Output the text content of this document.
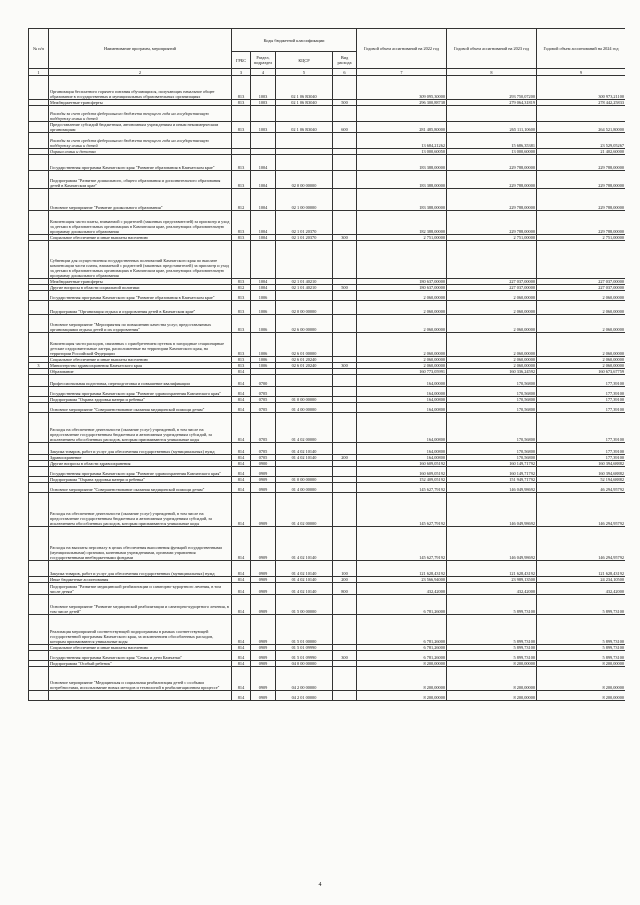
№ п/п	Наименование программ, мероприятий	Коды бюджетной классификации				Годовой объем ассигнований на 2022 год	Годовой объем ассигнований на 2023 год	Годовой объем ассигнований на 2024 год
		ГРБС	Раздел, подраздел	КЦСР	Вид расхода			
1	2	3	4	5	6	7	8	9
	Организация бесплатного горячего питания обучающихся, получающих начальное общее образование в государственных и муниципальных образовательных организациях	813	1003	02 1 06 R3040		309 095,30000	293 750,07200	300 973,21100
	Межбюджетные трансферты	813	1003	02 1 06 R3040	500	296 300,88738	279 064,31819	278 442,25833
	Расходы за счет средств федерального бюджета текущего года на государственную поддержку семьи и детей							
	Предоставление субсидий бюджетным, автономным учреждениям и иным некоммерческим организациям	813	1003	02 1 06 R3040	600	281 485,80000	265 111,10600	264 521,80000
	Расходы за счет средств федерального бюджета текущего года на государственную поддержку семьи и детей					13 684,21262	15 686,35381	23 529,05267
	Охрана семьи и детства					13 000,60050	13 000,60000	21 402,60000
	Государственная программа Камчатского края "Развитие образования в Камчатском крае"	813	1004			183 388,00000	229 788,00000	229 788,00000
	Подпрограмма "Развитие дошкольного, общего образования и дополнительного образования детей в Камчатском крае"	813	1004	02 0 00 00000		183 388,00000	229 788,00000	229 788,00000
	Основное мероприятие "Развитие дошкольного образования"	812	1004	02 1 00 00000		183 388,00000	229 788,00000	229 788,00000
	Компенсация части платы, взимаемой с родителей (законных представителей) за присмотр и уход за детьми в образовательных организациях в Камчатском крае, реализующих образовательную программу дошкольного образования	813	1004	02 1 01 20370		182 388,00000	229 788,00000	229 788,00000
	Социальное обеспечение и иные выплаты населению	813	1004	02 1 01 20370	300	2 751,00000	2 751,00000	2 751,00000
	Субвенции для осуществления государственных полномочий Камчатского края по выплате компенсации части платы, взимаемой с родителей (законных представителей) за присмотр и уход за детьми в образовательных организациях в Камчатском крае, реализующих образовательную программу дошкольного образования							
	Межбюджетные трансферты	813	1004	02 1 01 40210		180 637,00000	227 037,00000	227 037,00000
	Другие вопросы в области социальной политики	812	1004	02 1 01 40210	500	180 637,00000	227 037,00000	227 037,00000
	Государственная программа Камчатского края "Развитие образования в Камчатском крае"	813	1006			2 060,00000	2 060,00000	2 060,00000
	Подпрограмма "Организация отдыха и оздоровления детей в Камчатском крае"	813	1006	02 0 00 00000		2 060,00000	2 060,00000	2 060,00000
	Основное мероприятие "Мероприятия по повышению качества услуг, предоставляемых организациями отдыха детей и их оздоровления"	813	1006	02 6 00 00000		2 060,00000	2 060,00000	2 060,00000
	Компенсация части расходов, связанных с приобретением путевок в загородные стационарные детские оздоровительные лагеря, расположенные на территории Камчатского края, на территории Российской Федерации	813	1006	02 6 01 00000		2 060,00000	2 060,00000	2 060,00000
	Социальное обеспечение и иные выплаты населению	813	1006	02 6 01 20240		2 060,00000	2 060,00000	2 060,00000
3	Министерство здравоохранения Камчатского края	813	1006	02 6 01 20240	300	2 060,00000	2 060,00000	2 060,00000
	Образование	814				160 773,05991	160 336,24592	160 673,67759
	Профессиональная подготовка, переподготовка и повышение квалификации	814	0700			164,00000	170,56800	177,39100
	Государственная программа Камчатского края "Развитие здравоохранения Камчатского края"	814	0705			164,00000	170,56800	177,39100
	Подпрограмма "Охрана здоровья матери и ребенка"	814	0705	01 0 00 00000		164,00800	170,56800	177,39100
	Основное мероприятие "Совершенствование оказания медицинской помощи детям"	814	0705	01 4 00 00000		164,00800	170,56800	177,39100
	Расходы на обеспечение деятельности (оказание услуг) учреждений, в том числе на предоставление государственным бюджетным и автономным учреждениям субсидий, за исключением обособленных расходов, которым присваиваются уникальные коды	814	0705	01 4 02 00000		164,00800	170,56800	177,39100
	Закупка товаров, работ и услуг для обеспечения государственных (муниципальных) нужд	814	0705	01 4 02 10140		164,00800	170,56800	177,39100
	Здравоохранение	814	0705	01 4 02 10140	200	164,00800	170,56800	177,39100
	Другие вопросы в области здравоохранения	814	0900			160 609,05192	160 149,71792	160 394,68882
	Государственная программа Камчатского края "Развитие здравоохранения Камчатского края"	814	0909			160 609,05192	160 149,71792	160 394,68882
	Подпрограмма "Охрана здоровья матери и ребенка"	814	0909	01 0 00 00000		152 409,05192	151 949,71792	52 194,68882
	Основное мероприятие "Совершенствование оказания медицинской помощи детям"	814	0909	01 4 00 00000		145 627,79192	146 049,98692	46 294,95792
	Расходы на обеспечение деятельности (оказание услуг) учреждений, в том числе на предоставление государственным бюджетным и автономным учреждениям субсидий, за исключением обособленных расходов, которым присваиваются уникальные коды	814	0909	01 4 02 00000		145 627,79192	146 049,98692	146 294,95792
	Расходы на выплаты персоналу в целях обеспечения выполнения функций государственными (муниципальными) органами, казенными учреждениями, органами управления государственными внебюджетными фондами	814	0909	01 4 02 10140		145 627,79192	146 049,98692	146 294,95792
	Закупка товаров, работ и услуг для обеспечения государственных (муниципальных) нужд	814	0909	01 4 02 10140	100	121 628,43192	121 628,43192	121 628,43192
	Иные бюджетные ассигнования	814	0909	01 4 02 10140	200	23 566,94000	23 989,13500	24 234,10500
	Подпрограмма "Развитие медицинской реабилитации и санаторно-курортного лечения, в том числе детям"	814	0909	01 4 02 10140	800	432,42000	432,42000	432,42000
	Основное мероприятие "Развитие медицинской реабилитации и санаторно-курортного лечения, в том числе детей"	814	0909	01 5 00 00000		6 781,26000	5 899,73100	5 899,73100
	Реализация мероприятий соответствующей подпрограммы в рамках соответствующей государственной программы Камчатского края, за исключением обособленных расходов, которым присваиваются уникальные коды	814	0909	01 5 01 00000		6 781,26000	5 899,73100	5 899,73100
	Социальное обеспечение и иные выплаты населению	814	0909	01 5 01 09990		6 781,26000	5 899,73100	5 899,73100
	Государственная программа Камчатского края "Семья и дети Камчатки"	814	0909	01 5 01 09990	300	6 781,26000	5 899,73100	5 899,73100
	Подпрограмма "Особый ребенок"	814	0909	04 0 00 00000		8 200,00000	8 200,00000	8 200,00000
	Основное мероприятие "Медицинская и социальная реабилитация детей с особыми потребностями, использование новых методов и технологий в реабилитационном процессе"	814	0909	04 2 00 00000		8 200,00000	8 200,00000	8 200,00000
		814	0909	04 2 01 00000		8 200,00000	8 200,00000	8 200,00000
4
